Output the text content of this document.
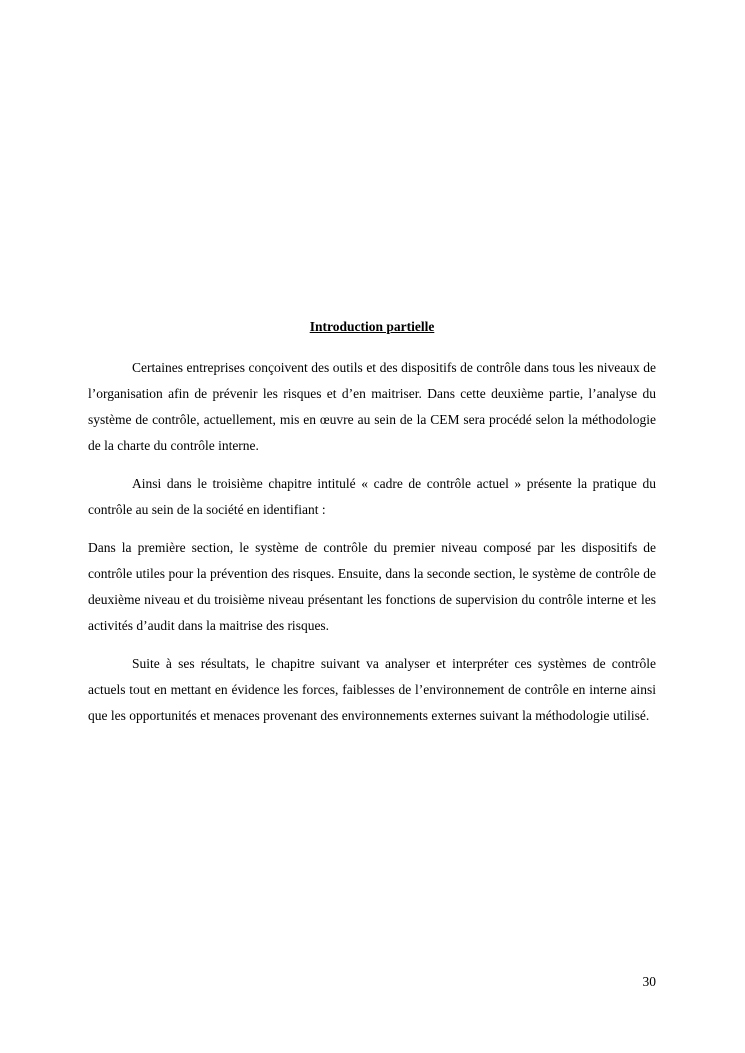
Introduction partielle

Certaines entreprises conçoivent des outils et des dispositifs de contrôle dans tous les niveaux de l’organisation afin de prévenir les risques et d’en maitriser. Dans cette deuxième partie, l’analyse du système de contrôle, actuellement, mis en œuvre au sein de la CEM sera procédé selon la méthodologie de la charte du contrôle interne.

Ainsi dans le troisième chapitre intitulé « cadre de contrôle actuel » présente la pratique du contrôle au sein de la société en identifiant :

Dans la première section, le système de contrôle du premier niveau composé par les dispositifs de contrôle utiles pour la prévention des risques. Ensuite, dans la seconde section, le système de contrôle de deuxième niveau et du troisième niveau présentant les fonctions de supervision du contrôle interne et les activités d’audit dans la maitrise des risques.

Suite à ses résultats, le chapitre suivant va analyser et interpréter ces systèmes de contrôle actuels tout en mettant en évidence les forces, faiblesses de l’environnement de contrôle en interne ainsi que les opportunités et menaces provenant des environnements externes suivant la méthodologie utilisé.

30
